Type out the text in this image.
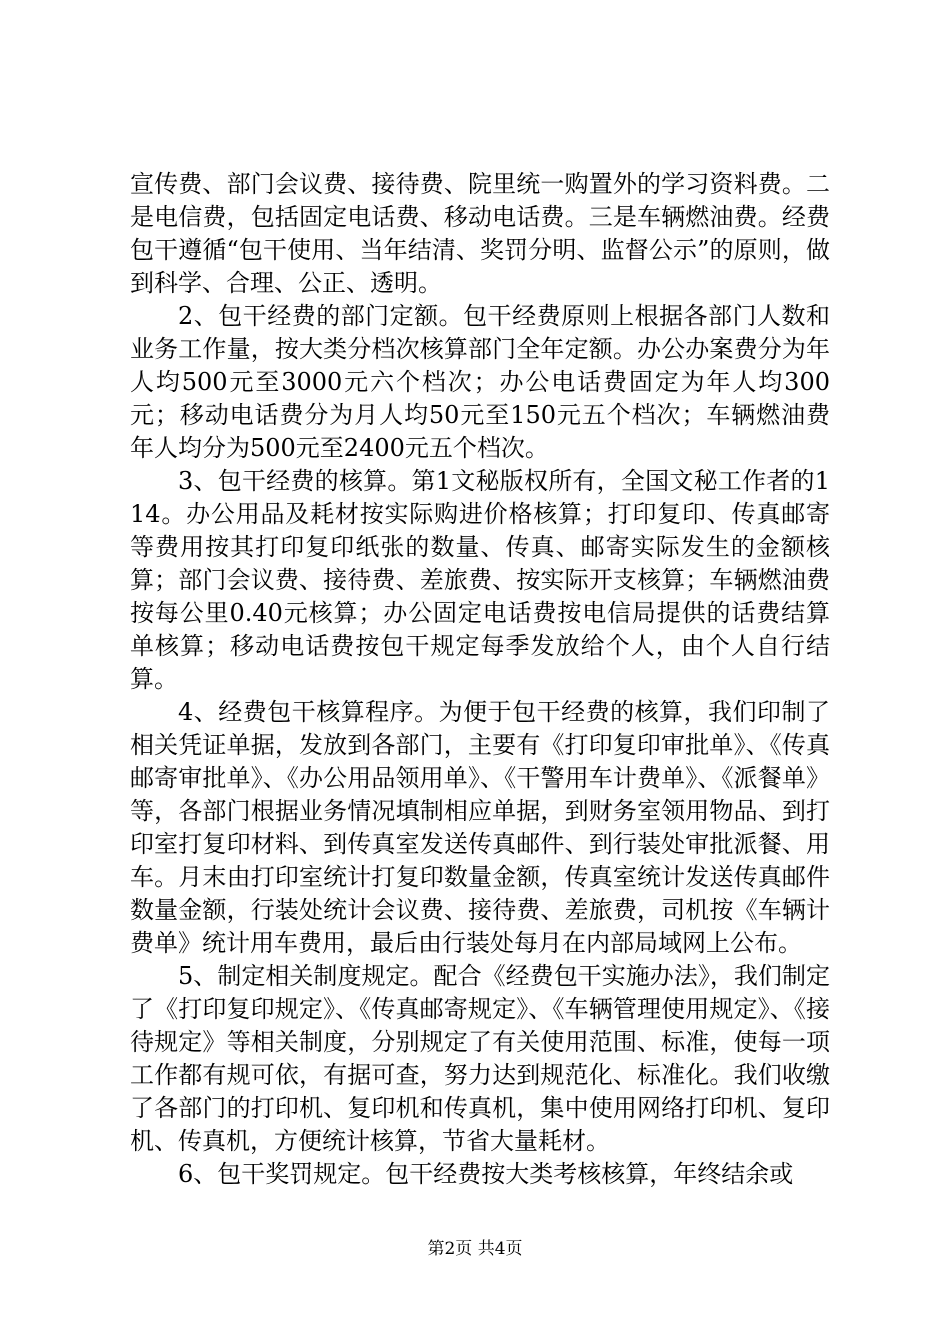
宣传费、部门会议费、接待费、院里统一购置外的学习资料费。二是电信费，包括固定电话费、移动电话费。三是车辆燃油费。经费包干遵循“包干使用、当年结清、奖罚分明、监督公示”的原则，做到科学、合理、公正、透明。

2、包干经费的部门定额。包干经费原则上根据各部门人数和业务工作量，按大类分档次核算部门全年定额。办公办案费分为年人均500元至3000元六个档次；办公电话费固定为年人均300元；移动电话费分为月人均50元至150元五个档次；车辆燃油费年人均分为500元至2400元五个档次。

3、包干经费的核算。第1文秘版权所有，全国文秘工作者的114。办公用品及耗材按实际购进价格核算；打印复印、传真邮寄等费用按其打印复印纸张的数量、传真、邮寄实际发生的金额核算；部门会议费、接待费、差旅费、按实际开支核算；车辆燃油费按每公里0.40元核算；办公固定电话费按电信局提供的话费结算单核算；移动电话费按包干规定每季发放给个人，由个人自行结算。

4、经费包干核算程序。为便于包干经费的核算，我们印制了相关凭证单据，发放到各部门，主要有《打印复印审批单》、《传真邮寄审批单》、《办公用品领用单》、《干警用车计费单》、《派餐单》等，各部门根据业务情况填制相应单据，到财务室领用物品、到打印室打复印材料、到传真室发送传真邮件、到行装处审批派餐、用车。月末由打印室统计打复印数量金额，传真室统计发送传真邮件数量金额，行装处统计会议费、接待费、差旅费，司机按《车辆计费单》统计用车费用，最后由行装处每月在内部局域网上公布。

5、制定相关制度规定。配合《经费包干实施办法》，我们制定了《打印复印规定》、《传真邮寄规定》、《车辆管理使用规定》、《接待规定》等相关制度，分别规定了有关使用范围、标准，使每一项工作都有规可依，有据可查，努力达到规范化、标准化。我们收缴了各部门的打印机、复印机和传真机，集中使用网络打印机、复印机、传真机，方便统计核算，节省大量耗材。

6、包干奖罚规定。包干经费按大类考核核算，年终结余或

第2页 共4页
